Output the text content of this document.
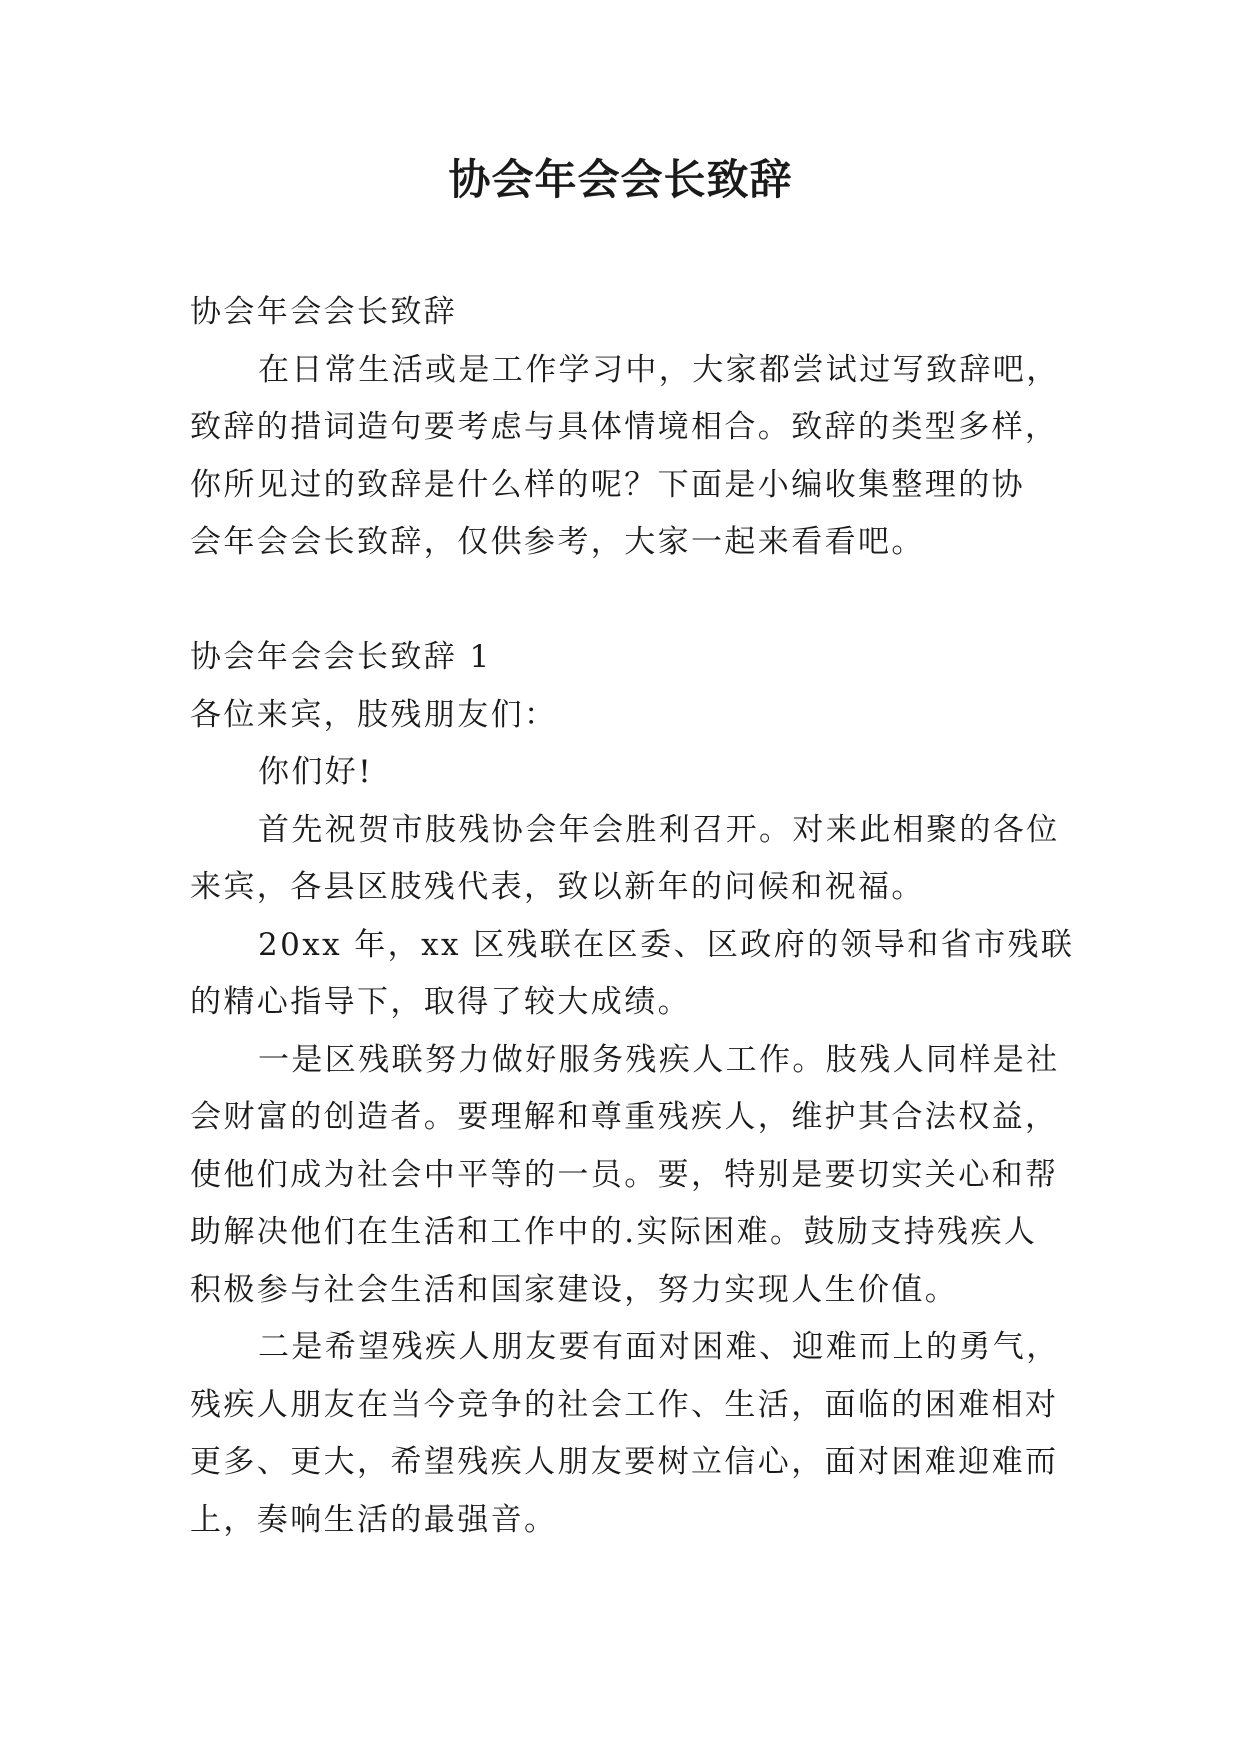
协会年会会长致辞

协会年会会长致辞

在日常生活或是工作学习中，大家都尝试过写致辞吧，

致辞的措词造句要考虑与具体情境相合。致辞的类型多样，

你所见过的致辞是什么样的呢？下面是小编收集整理的协

会年会会长致辞，仅供参考，大家一起来看看吧。

协会年会会长致辞 1

各位来宾，肢残朋友们：

你们好!

首先祝贺市肢残协会年会胜利召开。对来此相聚的各位

来宾，各县区肢残代表，致以新年的问候和祝福。

20xx 年，xx 区残联在区委、区政府的领导和省市残联

的精心指导下，取得了较大成绩。

一是区残联努力做好服务残疾人工作。肢残人同样是社

会财富的创造者。要理解和尊重残疾人，维护其合法权益，

使他们成为社会中平等的一员。要，特别是要切实关心和帮

助解决他们在生活和工作中的.实际困难。鼓励支持残疾人

积极参与社会生活和国家建设，努力实现人生价值。

二是希望残疾人朋友要有面对困难、迎难而上的勇气，

残疾人朋友在当今竞争的社会工作、生活，面临的困难相对

更多、更大，希望残疾人朋友要树立信心，面对困难迎难而

上，奏响生活的最强音。
